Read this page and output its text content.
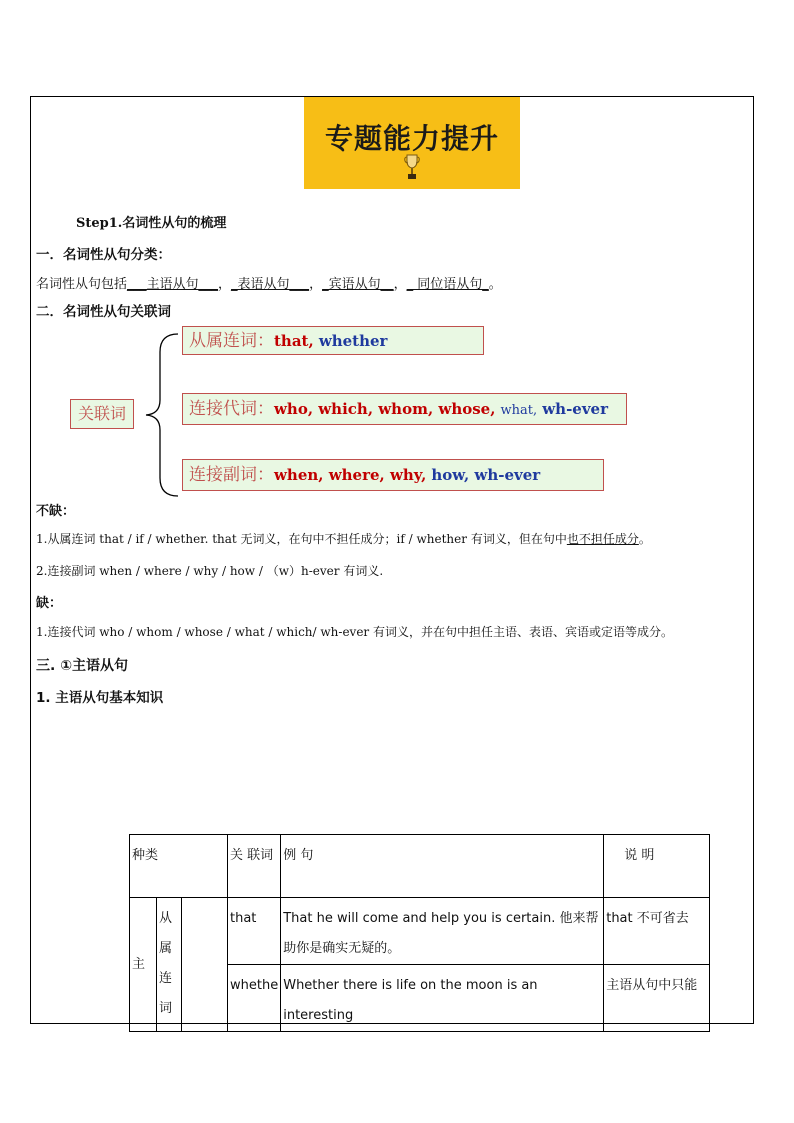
专题能力提升
Step1.名词性从句的梳理
一．名词性从句分类：
名词性从句包括___主语从句___，_表语从句___，_宾语从句__，_ 同位语从句_。
二．名词性从句关联词
关联词
从属连词：that, whether
连接代词：who, which, whom, whose, what, wh-ever
连接副词：when, where, why, how, wh-ever
不缺：
1.从属连词 that / if / whether. that 无词义，在句中不担任成分；if / whether 有词义，但在句中也不担任成分。
2.连接副词 when / where / why / how / （w）h-ever 有词义.
缺：
1.连接代词 who / whom / whose / what / which/ wh-ever 有词义，并在句中担任主语、表语、宾语或定语等成分。
三. ①主语从句
1. 主语从句基本知识
种类			关 联词	例 句	说 明
主	从属连词		that	That he will come and help you is certain. 他来帮助你是确实无疑的。	that 不可省去
			whethe	Whether there is life on the moon is an interesting	主语从句中只能
